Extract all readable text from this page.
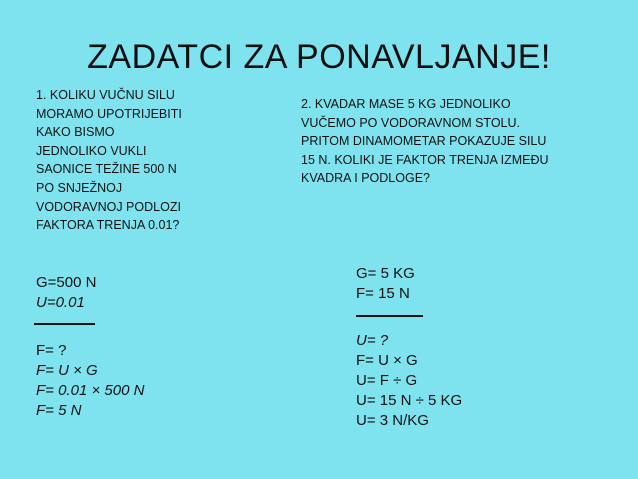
ZADATCI ZA PONAVLJANJE!
1. KOLIKU VUČNU SILU
MORAMO UPOTRIJEBITI
KAKO BISMO
JEDNOLIKO VUKLI
SAONICE TEŽINE 500 N
PO SNJEŽNOJ
VODORAVNOJ PODLOZI
FAKTORA TRENJA 0.01?
2. KVADAR MASE 5 KG JEDNOLIKO
VUČEMO PO VODORAVNOM STOLU.
PRITOM DINAMOMETAR POKAZUJE SILU
15 N. KOLIKI JE FAKTOR TRENJA IZMEĐU
KVADRA I PODLOGE?
G=500 N
U=0.01
F= ?
F= U × G
F= 0.01 × 500 N
F= 5 N
G= 5 KG
F= 15 N
U= ?
F= U × G
U= F ÷ G
U= 15 N ÷ 5 KG
U= 3 N/KG
